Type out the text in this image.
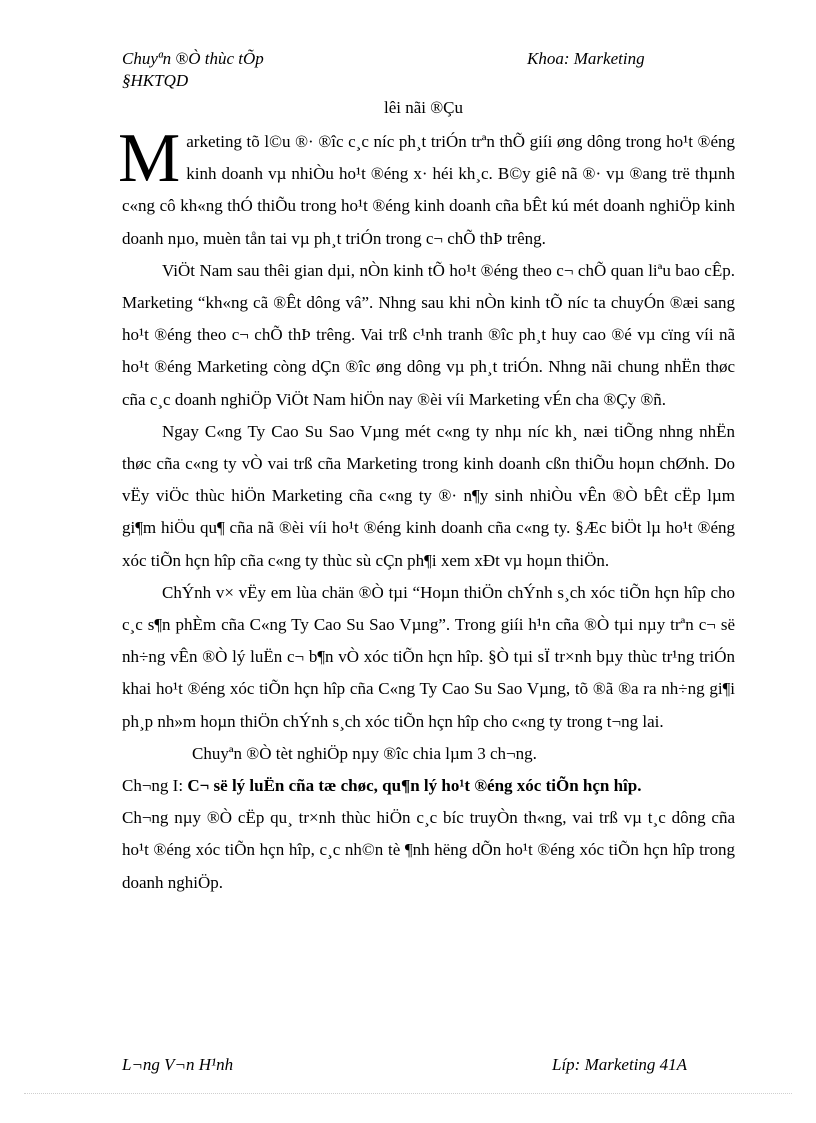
Chuyªn ®Ò thùc tÕp
§HKTQD
Khoa: Marketing
lêi nãi ®Çu

Marketing tõ l©u ®· ®îc c¸c níc ph¸t triÓn trªn thÕ giíi øng dông trong ho¹t ®éng kinh doanh vµ nhiÒu ho¹t ®éng x· héi kh¸c. B©y giê nã ®· vµ ®ang trë thµnh c«ng cô kh«ng thÓ thiÕu trong ho¹t ®éng kinh doanh cña bÊt kú mét doanh nghiÖp kinh doanh nµo, muèn tån tai vµ ph¸t triÓn trong c¬ chÕ thÞ trêng.

ViÖt Nam sau thêi gian dµi, nÒn kinh tÕ ho¹t ®éng theo c¬ chÕ quan liªu bao cÊp. Marketing “kh«ng cã ®Êt dông vâ”. Nhng sau khi nÒn kinh tÕ níc ta chuyÓn ®æi sang ho¹t ®éng theo c¬ chÕ thÞ trêng. Vai trß c¹nh tranh ®îc ph¸t huy cao ®é vµ cïng víi nã ho¹t ®éng Marketing còng dÇn ®îc øng dông vµ ph¸t triÓn. Nhng nãi chung nhËn thøc cña c¸c doanh nghiÖp ViÖt Nam hiÖn nay ®èi víi Marketing vÉn cha ®Çy ®ñ.

Ngay C«ng Ty Cao Su Sao Vµng mét c«ng ty nhµ níc kh¸ næi tiÕng nhng nhËn thøc cña c«ng ty vÒ vai trß cña Marketing trong kinh doanh cßn thiÕu hoµn chØnh. Do vËy viÖc thùc hiÖn Marketing cña c«ng ty ®· n¶y sinh nhiÒu vÊn ®Ò bÊt cËp lµm gi¶m hiÖu qu¶ cña nã ®èi víi ho¹t ®éng kinh doanh cña c«ng ty. §Æc biÖt lµ ho¹t ®éng xóc tiÕn hçn hîp cña c«ng ty thùc sù cÇn ph¶i xem xÐt vµ hoµn thiÖn.

ChÝnh v× vËy em lùa chän ®Ò tµi “Hoµn thiÖn chÝnh s¸ch xóc tiÕn hçn hîp cho c¸c s¶n phÈm cña C«ng Ty Cao Su Sao Vµng”. Trong giíi h¹n cña ®Ò tµi nµy trªn c¬ së nh÷ng vÊn ®Ò lý luËn c¬ b¶n vÒ xóc tiÕn hçn hîp. §Ò tµi sÏ tr×nh bµy thùc tr¹ng triÓn khai ho¹t ®éng xóc tiÕn hçn hîp cña C«ng Ty Cao Su Sao Vµng, tõ ®ã ®a ra nh÷ng gi¶i ph¸p nh»m hoµn thiÖn chÝnh s¸ch xóc tiÕn hçn hîp cho c«ng ty trong t¬ng lai.

Chuyªn ®Ò tèt nghiÖp nµy ®îc chia lµm 3 ch¬ng.

Ch¬ng I: C¬ së lý luËn cña tæ chøc, qu¶n lý ho¹t ®éng xóc tiÕn hçn hîp.

Ch¬ng nµy ®Ò cËp qu¸ tr×nh thùc hiÖn c¸c bíc truyÒn th«ng, vai trß vµ t¸c dông cña ho¹t ®éng xóc tiÕn hçn hîp, c¸c nh©n tè ¶nh hëng dÕn ho¹t ®éng xóc tiÕn hçn hîp trong doanh nghiÖp.

L¬ng V¬n H¹nh	Líp: Marketing 41A
